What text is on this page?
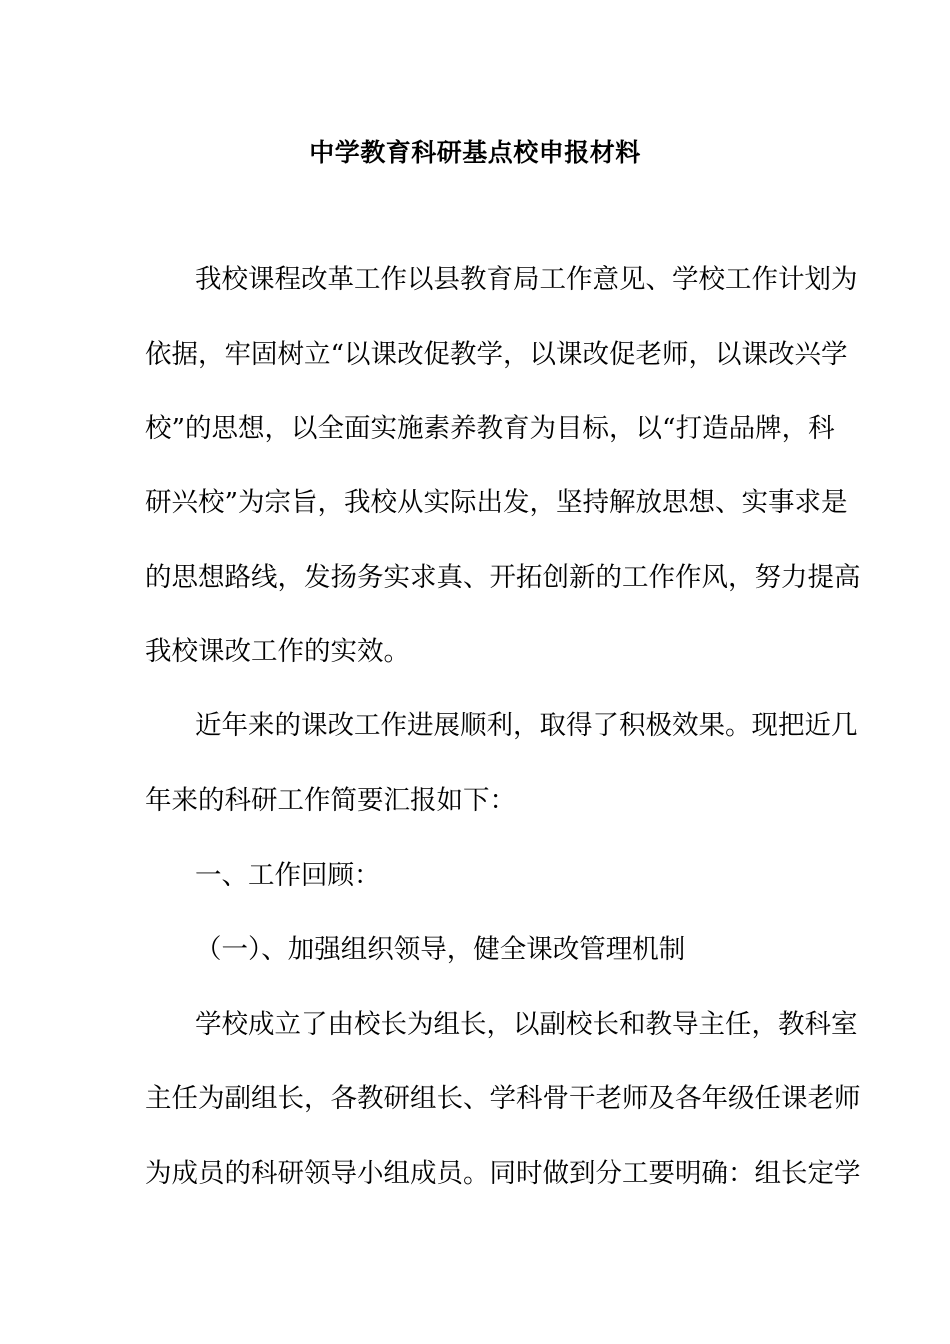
中学教育科研基点校申报材料
我校课程改革工作以县教育局工作意见、学校工作计划为
依据，牢固树立“以课改促教学，以课改促老师，以课改兴学
校”的思想，以全面实施素养教育为目标，以“打造品牌，科
研兴校”为宗旨，我校从实际出发，坚持解放思想、实事求是
的思想路线，发扬务实求真、开拓创新的工作作风，努力提高
我校课改工作的实效。
近年来的课改工作进展顺利，取得了积极效果。现把近几
年来的科研工作简要汇报如下：
一、工作回顾：
（一）、加强组织领导，健全课改管理机制
学校成立了由校长为组长，以副校长和教导主任，教科室
主任为副组长，各教研组长、学科骨干老师及各年级任课老师
为成员的科研领导小组成员。同时做到分工要明确：组长定学
